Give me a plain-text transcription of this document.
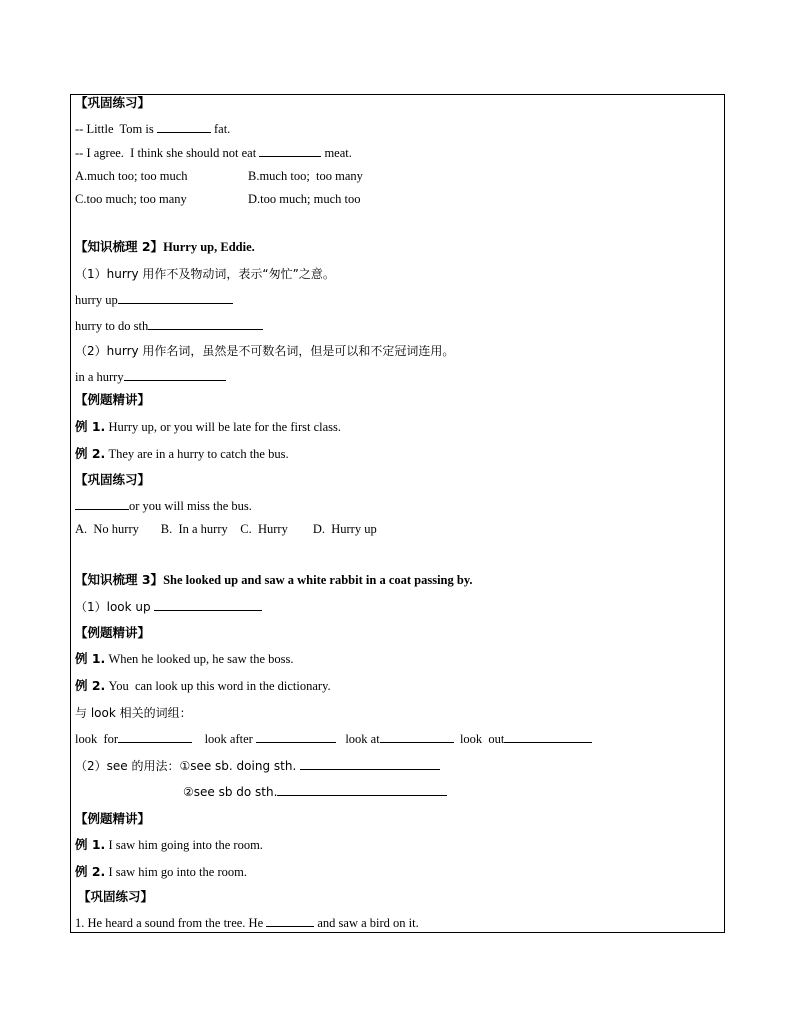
【巩固练习】
-- Little  Tom is	fat.
-- I agree.  I think she should not eat	meat.
A.much too; too much	B.much too;  too many
C.too much; too many	D.too much; much too
【知识梳理 2】Hurry up, Eddie.
（1）hurry 用作不及物动词，表示“匆忙”之意。
hurry up
hurry to do sth
（2）hurry 用作名词，虽然是不可数名词，但是可以和不定冠词连用。
in a hurry
【例题精讲】
例 1. Hurry up, or you will be late for the first class.
例 2. They are in a hurry to catch the bus.
【巩固练习】
or you will miss the bus.
A.  No hurry       B.  In a hurry    C.  Hurry        D.  Hurry up
【知识梳理 3】She looked up and saw a white rabbit in a coat passing by.
（1）look up
【例题精讲】
例 1. When he looked up, he saw the boss.
例 2. You  can look up this word in the dictionary.
与 look 相关的词组：
look  for	look after	look at	look  out
（2）see 的用法：①see sb. doing sth.
②see sb do sth.
【例题精讲】
例 1. I saw him going into the room.
例 2. I saw him go into the room.
【巩固练习】
1. He heard a sound from the tree. He	and saw a bird on it.
